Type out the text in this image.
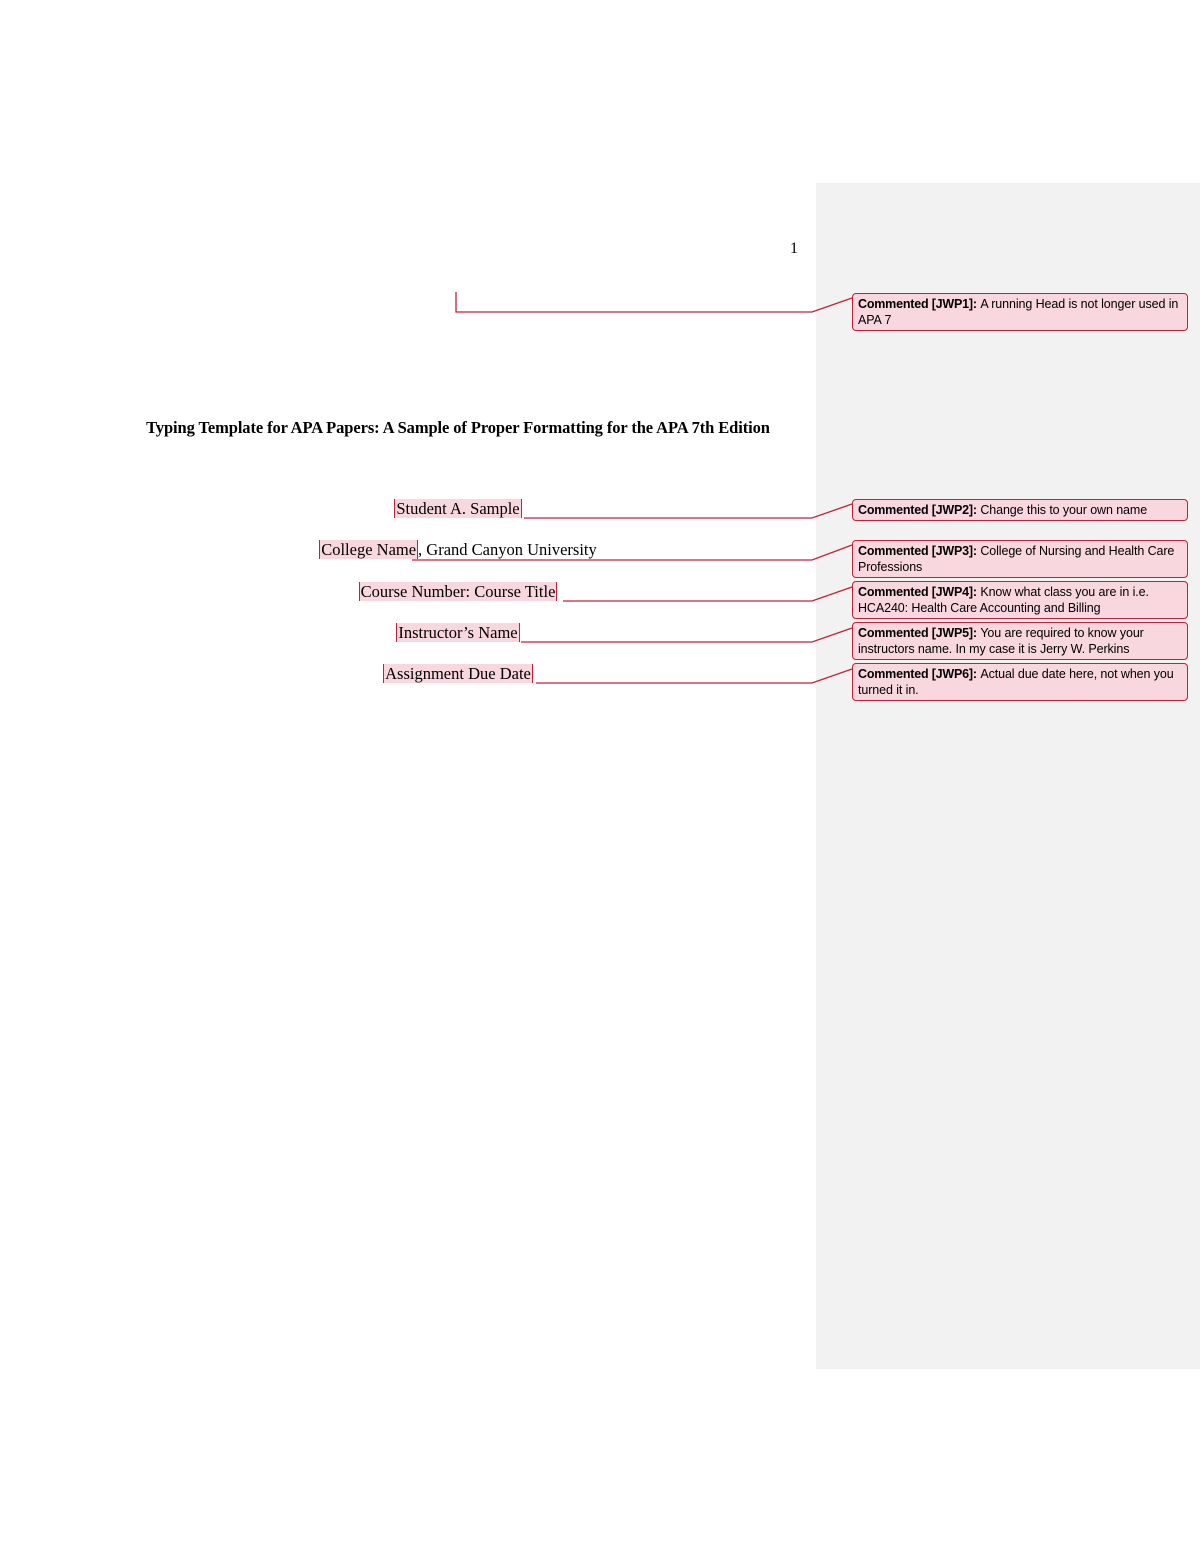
1
Typing Template for APA Papers: A Sample of Proper Formatting for the APA 7th Edition
Student A. Sample
College Name , Grand Canyon University
Course Number: Course Title
Instructor’s Name
Assignment Due Date
Commented [JWP1]: A running Head is not longer used in APA 7
Commented [JWP2]: Change this to your own name
Commented [JWP3]: College of Nursing and Health Care Professions
Commented [JWP4]: Know what class you are in i.e. HCA240: Health Care Accounting and Billing
Commented [JWP5]: You are required to know your instructors name. In my case it is Jerry W. Perkins
Commented [JWP6]: Actual due date here, not when you turned it in.
